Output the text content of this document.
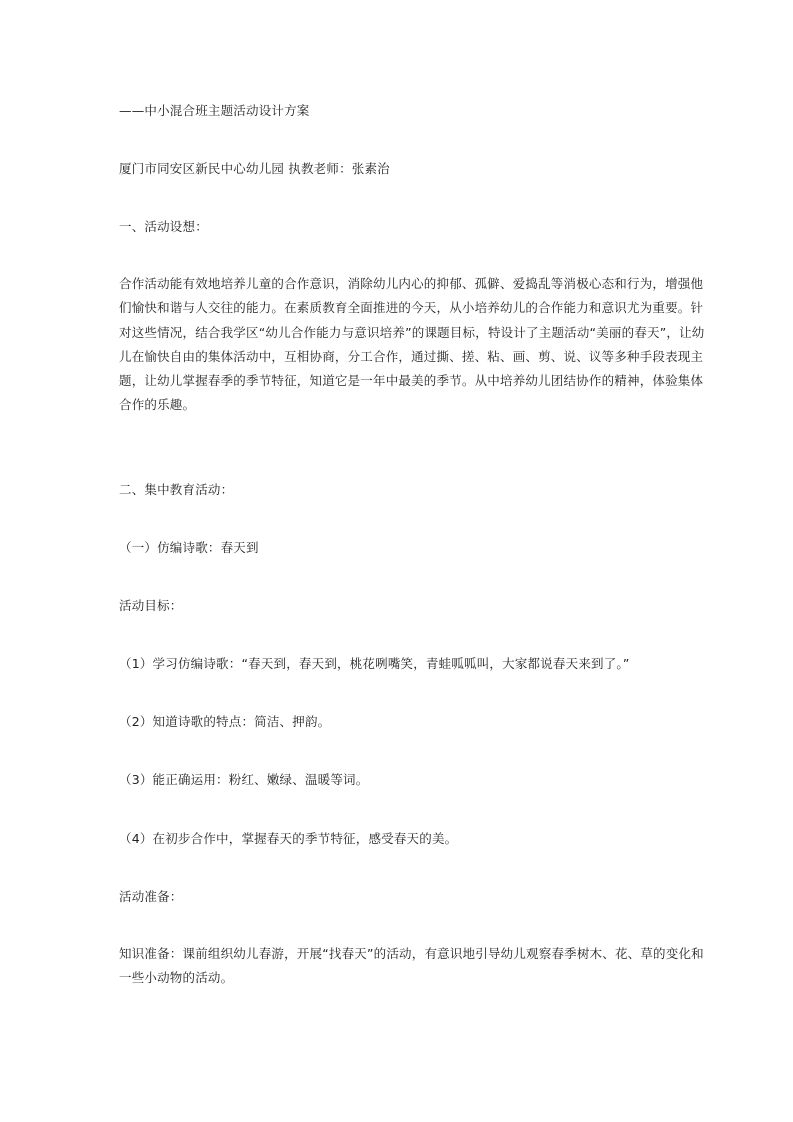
——中小混合班主题活动设计方案
厦门市同安区新民中心幼儿园 执教老师：张素治
一、活动设想：
合作活动能有效地培养儿童的合作意识，消除幼儿内心的抑郁、孤僻、爱捣乱等消极心态和行为，增强他
们愉快和谐与人交往的能力。在素质教育全面推进的今天，从小培养幼儿的合作能力和意识尤为重要。针
对这些情况，结合我学区“幼儿合作能力与意识培养”的课题目标，特设计了主题活动“美丽的春天”，让幼
儿在愉快自由的集体活动中，互相协商，分工合作，通过撕、搓、粘、画、剪、说、议等多种手段表现主
题，让幼儿掌握春季的季节特征，知道它是一年中最美的季节。从中培养幼儿团结协作的精神，体验集体
合作的乐趣。
二、集中教育活动：
（一）仿编诗歌：春天到
活动目标：
（1）学习仿编诗歌：“春天到，春天到，桃花咧嘴笑，青蛙呱呱叫，大家都说春天来到了。”
（2）知道诗歌的特点：简洁、押韵。
（3）能正确运用：粉红、嫩绿、温暖等词。
（4）在初步合作中，掌握春天的季节特征，感受春天的美。
活动准备：
知识准备：课前组织幼儿春游，开展“找春天”的活动，有意识地引导幼儿观察春季树木、花、草的变化和
一些小动物的活动。
